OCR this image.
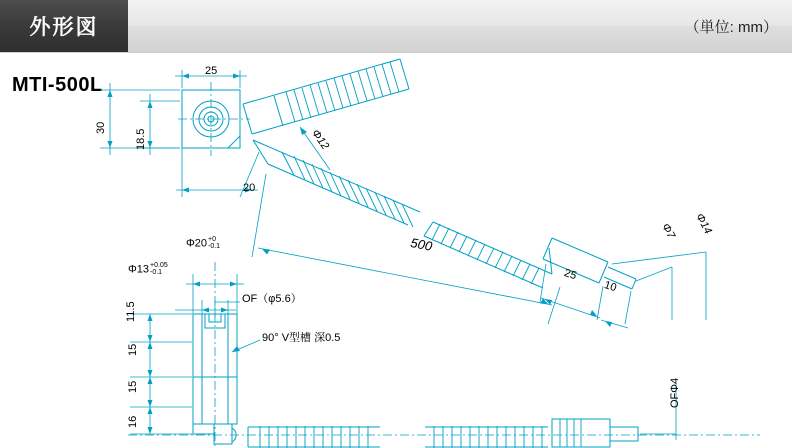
外形図	（単位: mm）
MTI-500L
25
30
18.5
20
Φ12
500
25
10
Φ7 Φ14
Φ20 +0
-0.1
Φ13 +0.05
-0.1
OF（φ5.6）
90° V型槽 深0.5
11.5
15
15
16
OFΦ4
